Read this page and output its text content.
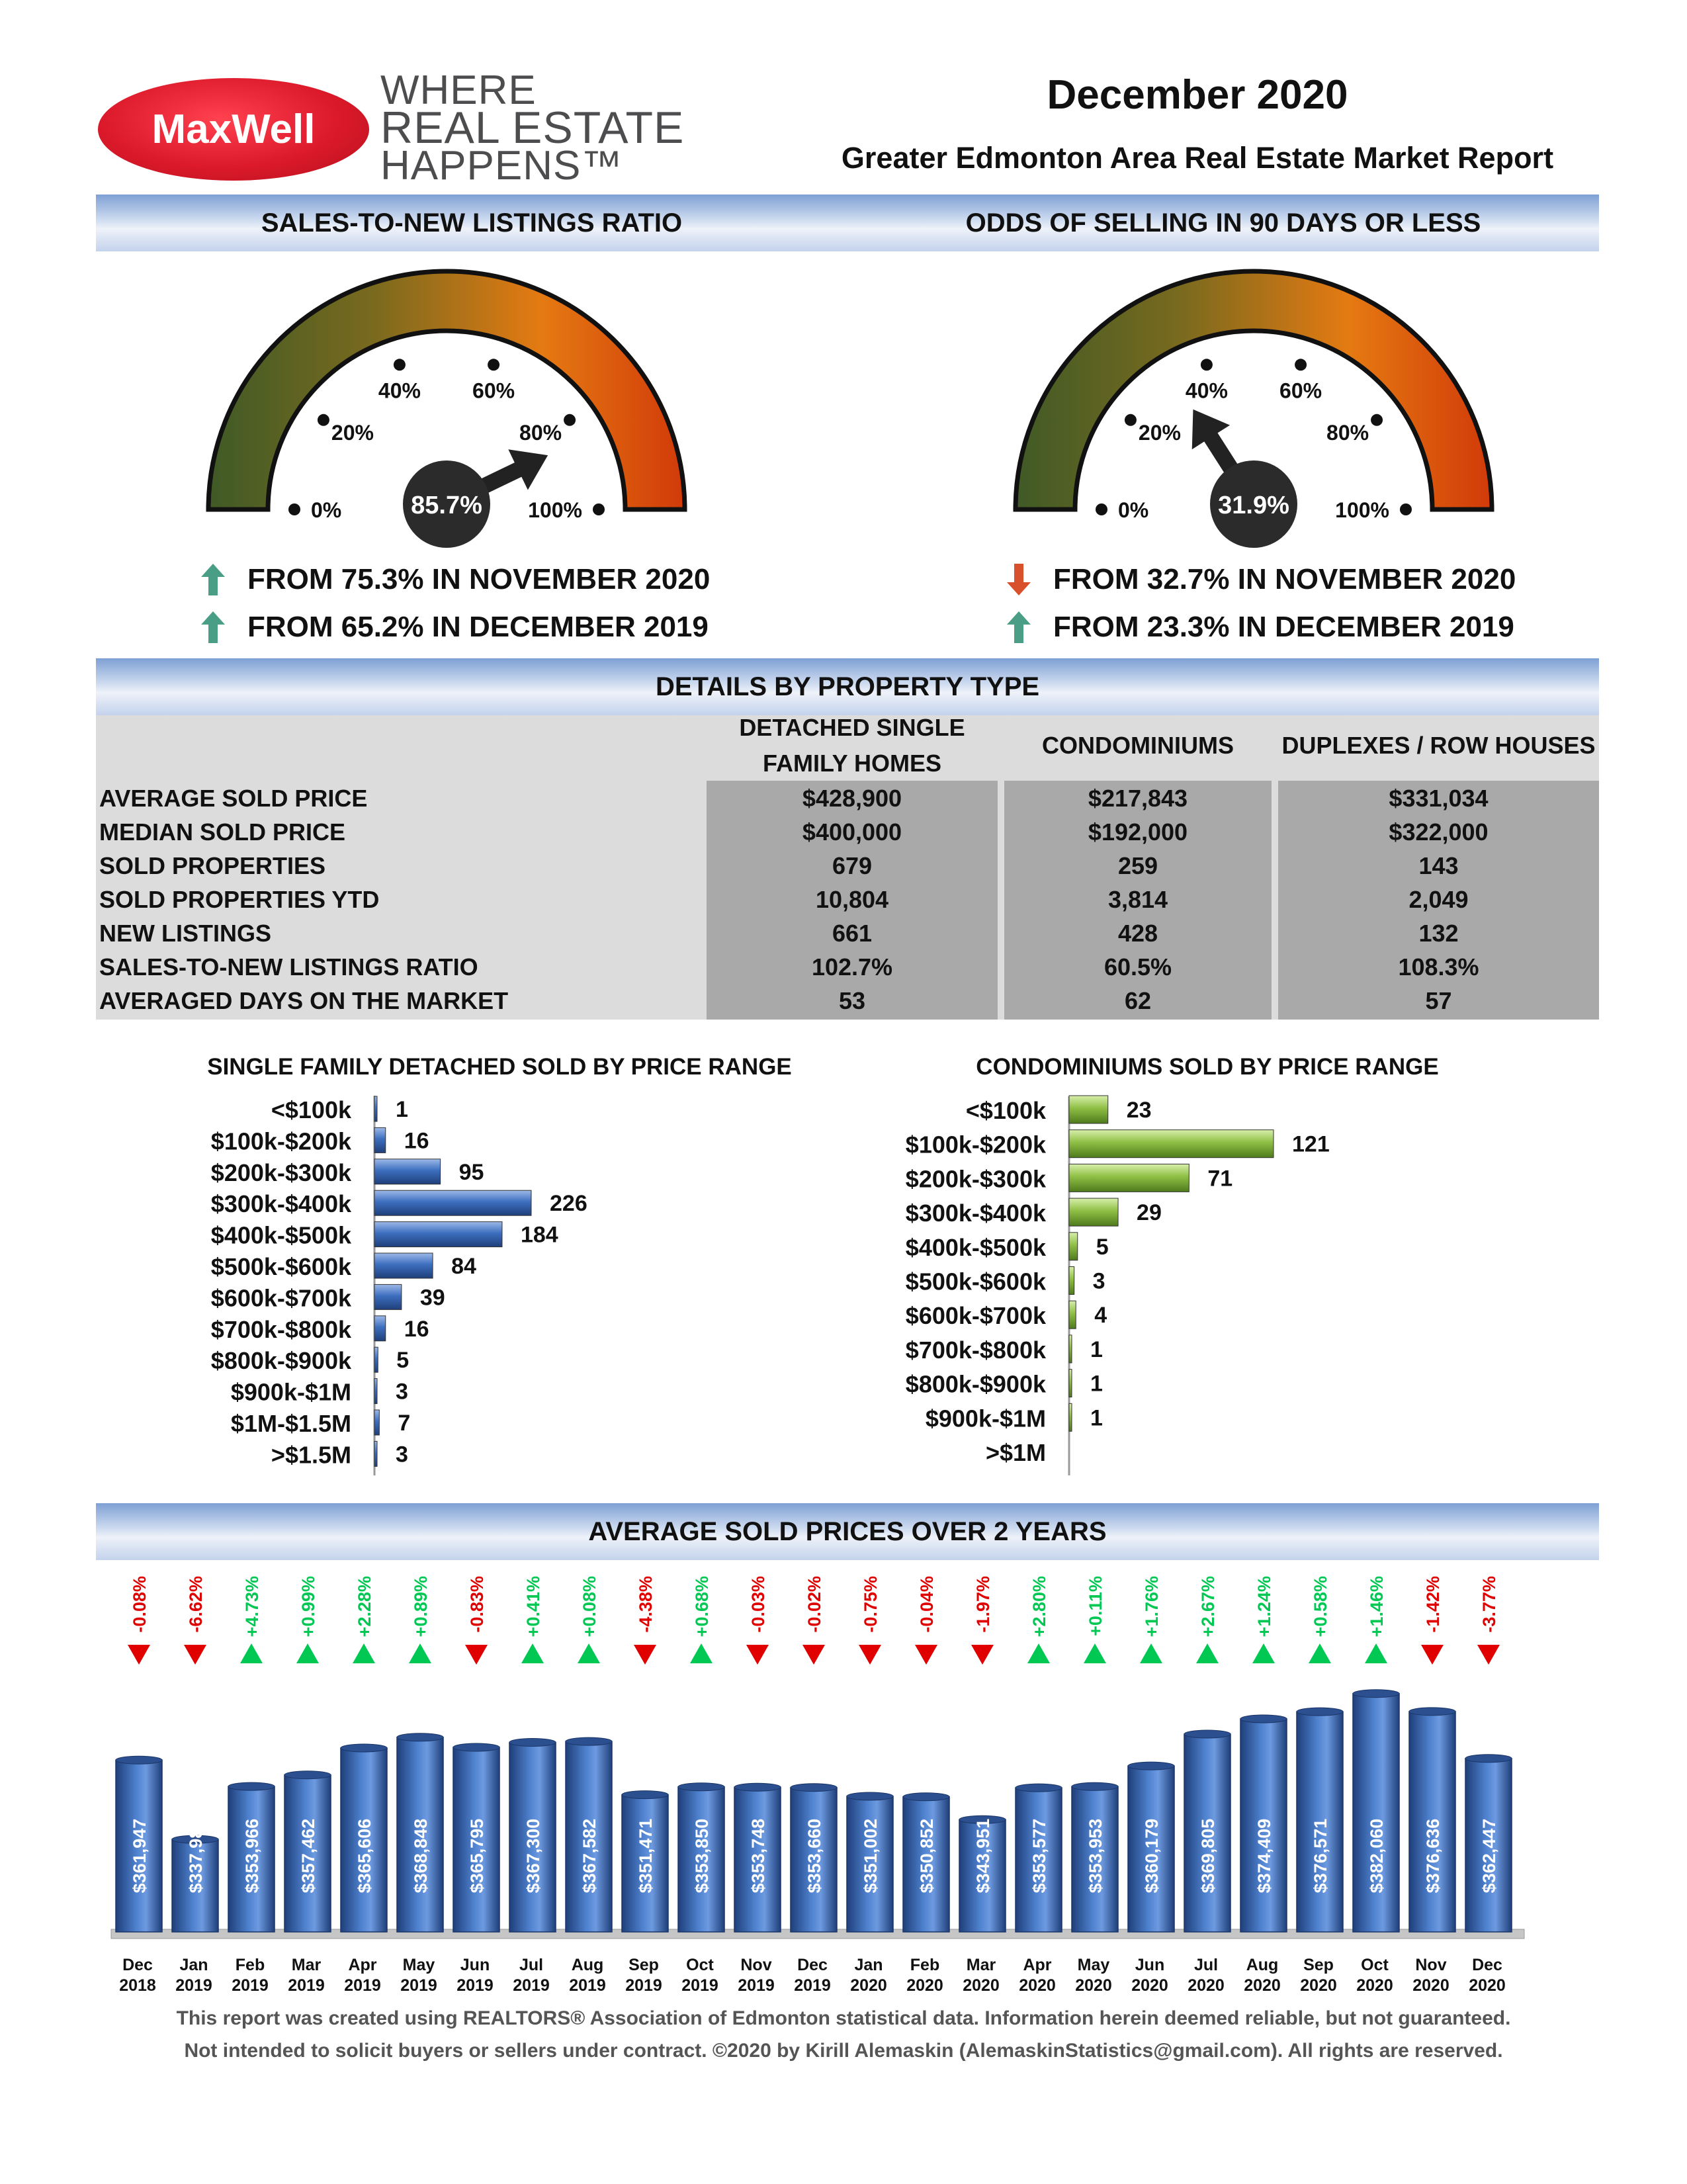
MaxWell
WHERE
REAL ESTATE
HAPPENS™
December 2020
Greater Edmonton Area Real Estate Market Report
SALES-TO-NEW LISTINGS RATIO	ODDS OF SELLING IN 90 DAYS OR LESS
0%
20%
40% 60%
80%
100%
85.7%	0%
20%
40% 60%
80%
100%
31.9%
FROM 75.3% IN NOVEMBER 2020
FROM 65.2% IN DECEMBER 2019
FROM 32.7% IN NOVEMBER 2020
FROM 23.3% IN DECEMBER 2019
DETAILS BY PROPERTY TYPE
DETACHED SINGLE
FAMILY HOMES
CONDOMINIUMS	DUPLEXES / ROW HOUSES
AVERAGE SOLD PRICE	$428,900	$217,843	$331,034
MEDIAN SOLD PRICE	$400,000	$192,000	$322,000
SOLD PROPERTIES	679	259	143
SOLD PROPERTIES YTD	10,804	3,814	2,049
NEW LISTINGS	661	428	132
SALES-TO-NEW LISTINGS RATIO	102.7%	60.5%	108.3%
AVERAGED DAYS ON THE MARKET	53	62	57
SINGLE FAMILY DETACHED SOLD BY PRICE RANGE	CONDOMINIUMS SOLD BY PRICE RANGE
<$100k 1
$100k-$200k 16
$200k-$300k	95
$300k-$400k	226
$400k-$500k	184
$500k-$600k	84
$600k-$700k	39
$700k-$800k 16
$800k-$900k 5
$900k-$1M 3
$1M-$1.5M 7
>$1.5M 3
<$100k	23
$100k-$200k	121
$200k-$300k	71
$300k-$400k	29
$400k-$500k 5
$500k-$600k 3
$600k-$700k 4
$700k-$800k 1
$800k-$900k 1
$900k-$1M 1
>$1M
AVERAGE SOLD PRICES OVER 2 YEARS
-0.08%
$361,947
Dec
2018
-6.62%
$337,982
Jan
2019
+4.73%
$353,966
Feb
2019
+0.99%
$357,462
Mar
2019
+2.28%
$365,606
Apr
2019
+0.89%
$368,848
May
2019
-0.83%
$365,795
Jun
2019
+0.41%
$367,300
Jul
2019
+0.08%
$367,582
Aug
2019
-4.38%
$351,471
Sep
2019
+0.68%
$353,850
Oct
2019
-0.03%
$353,748
Nov
2019
-0.02%
$353,660
Dec
2019
-0.75%
$351,002
Jan
2020
-0.04%
$350,852
Feb
2020
-1.97%
$343,951
Mar
2020
+2.80%
$353,577
Apr
2020
+0.11%
$353,953
May
2020
+1.76%
$360,179
Jun
2020
+2.67%
$369,805
Jul
2020
+1.24%
$374,409
Aug
2020
+0.58%
$376,571
Sep
2020
+1.46%
$382,060
Oct
2020
-1.42%
$376,636
Nov
2020
-3.77%
$362,447
Dec
2020
This report was created using REALTORS® Association of Edmonton statistical data. Information herein deemed reliable, but not guaranteed.
Not intended to solicit buyers or sellers under contract. ©2020 by Kirill Alemaskin (AlemaskinStatistics@gmail.com). All rights are reserved.
